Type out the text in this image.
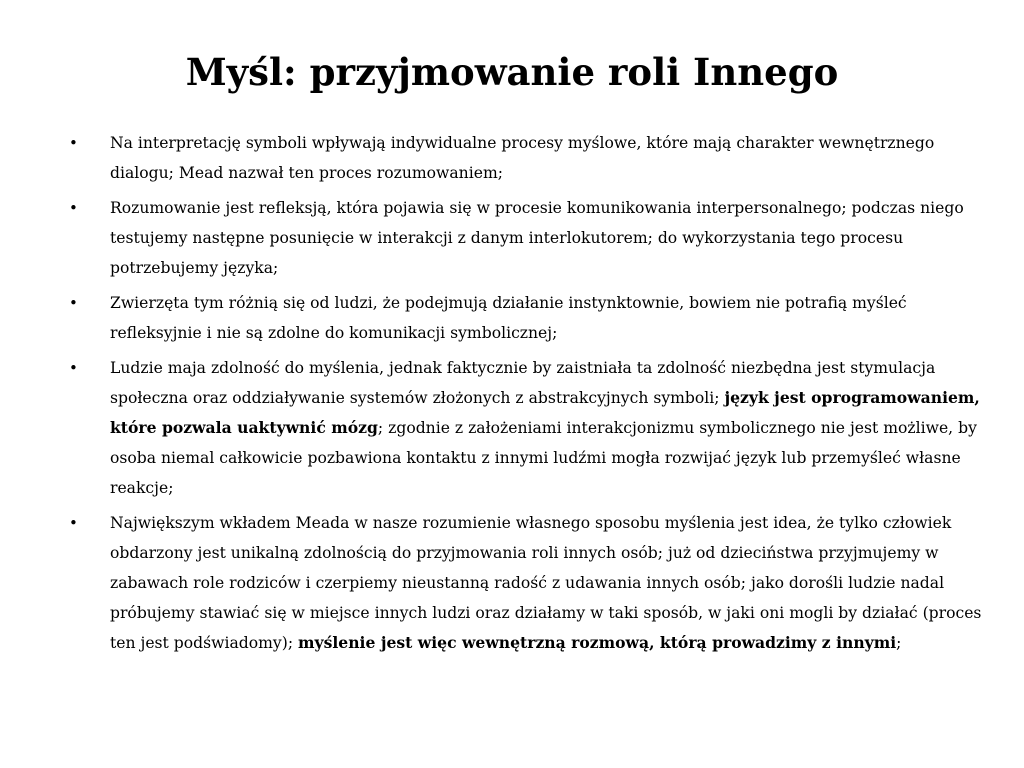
Myśl: przyjmowanie roli Innego
• Na interpretację symboli wpływają indywidualne procesy myślowe, które mają charakter wewnętrznego dialogu; Mead nazwał ten proces rozumowaniem;
• Rozumowanie jest refleksją, która pojawia się w procesie komunikowania interpersonalnego; podczas niego testujemy następne posunięcie w interakcji z danym interlokutorem; do wykorzystania tego procesu potrzebujemy języka;
• Zwierzęta tym różnią się od ludzi, że podejmują działanie instynktownie, bowiem nie potrafią myśleć refleksyjnie i nie są zdolne do komunikacji symbolicznej;
• Ludzie maja zdolność do myślenia, jednak faktycznie by zaistniała ta zdolność niezbędna jest stymulacja społeczna oraz oddziaływanie systemów złożonych z abstrakcyjnych symboli; język jest oprogramowaniem, które pozwala uaktywnić mózg; zgodnie z założeniami interakcjonizmu symbolicznego nie jest możliwe, by osoba niemal całkowicie pozbawiona kontaktu z innymi ludźmi mogła rozwijać język lub przemyśleć własne reakcje;
• Największym wkładem Meada w nasze rozumienie własnego sposobu myślenia jest idea, że tylko człowiek obdarzony jest unikalną zdolnością do przyjmowania roli innych osób; już od dzieciństwa przyjmujemy w zabawach role rodziców i czerpiemy nieustanną radość z udawania innych osób; jako dorośli ludzie nadal próbujemy stawiać się w miejsce innych ludzi oraz działamy w taki sposób, w jaki oni mogli by działać (proces ten jest podświadomy); myślenie jest więc wewnętrzną rozmową, którą prowadzimy z innymi;
